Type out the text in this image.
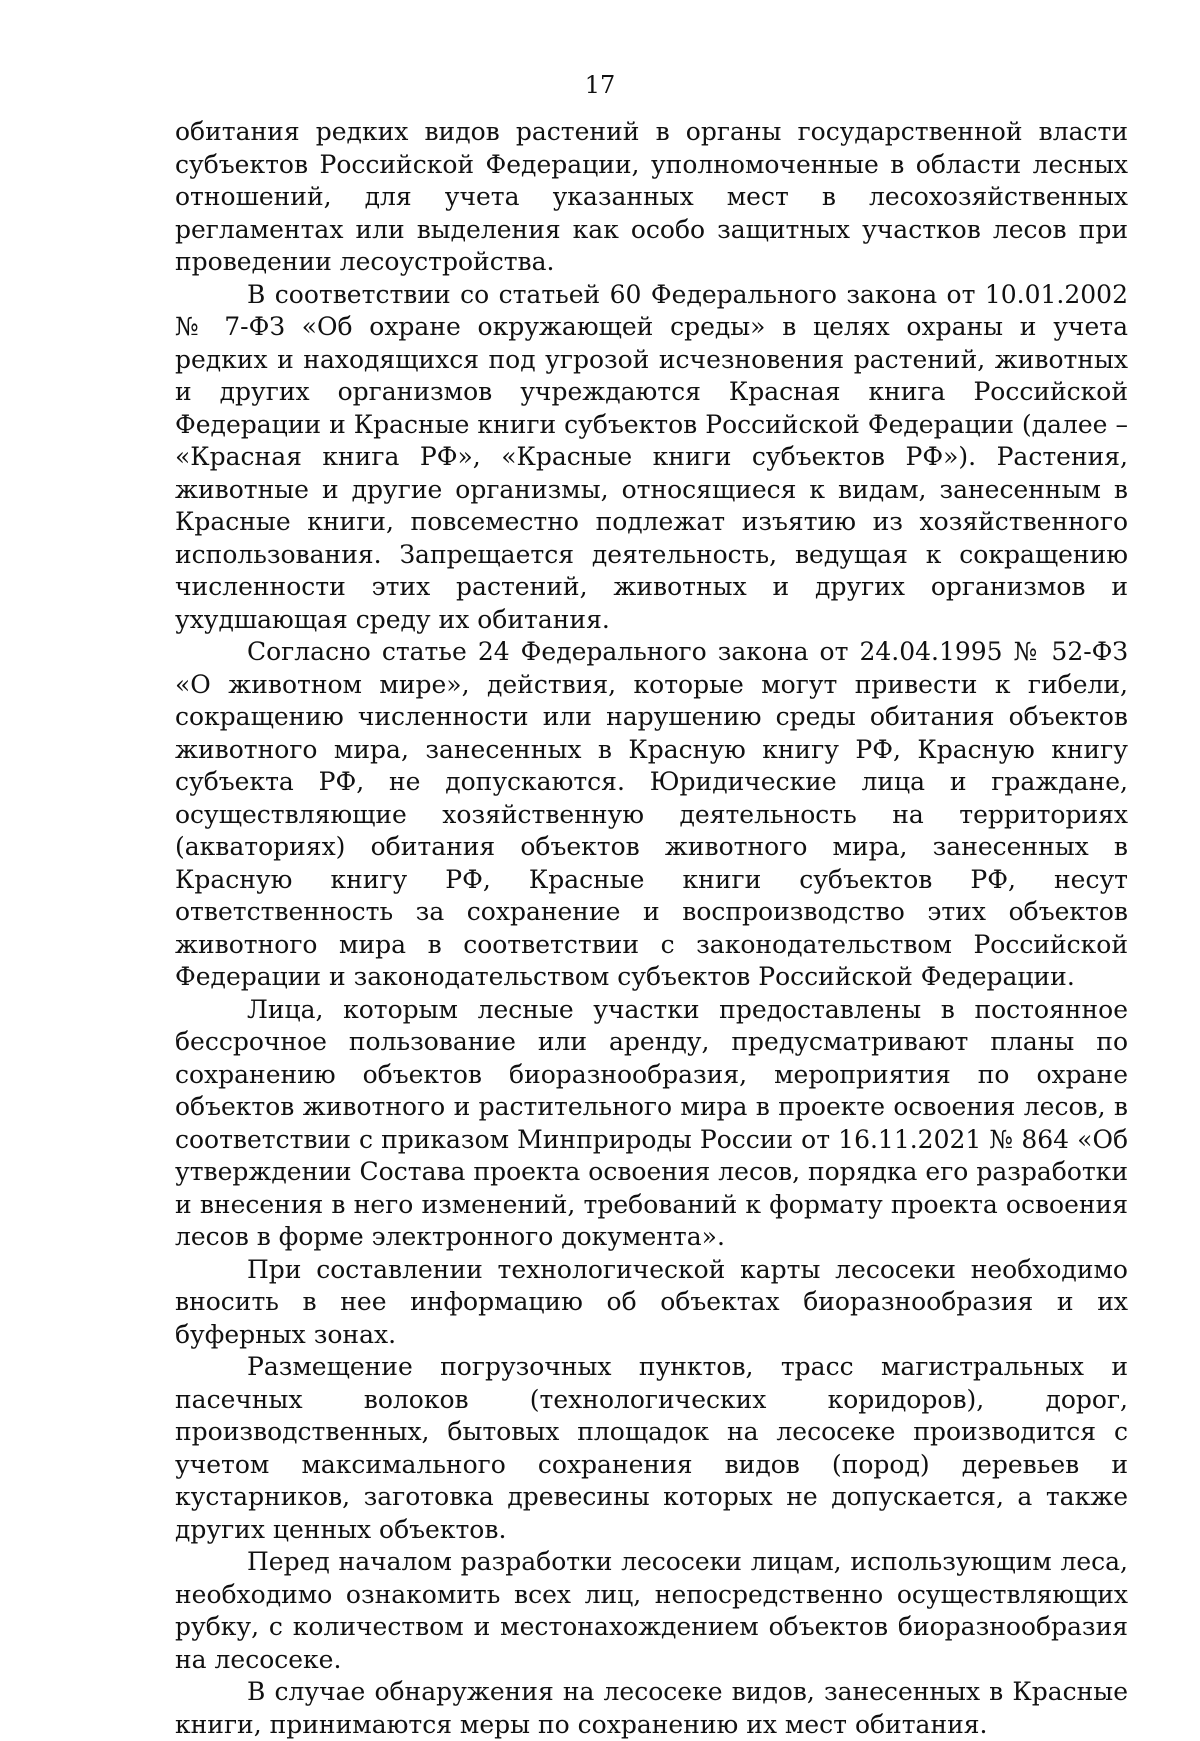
17

обитания редких видов растений в органы государственной власти субъектов Российской Федерации, уполномоченные в области лесных отношений, для учета указанных мест в лесохозяйственных регламентах или выделения как особо защитных участков лесов при проведении лесоустройства.

В соответствии со статьей 60 Федерального закона от 10.01.2002 № 7-ФЗ «Об охране окружающей среды» в целях охраны и учета редких и находящихся под угрозой исчезновения растений, животных и других организмов учреждаются Красная книга Российской Федерации и Красные книги субъектов Российской Федерации (далее – «Красная книга РФ», «Красные книги субъектов РФ»). Растения, животные и другие организмы, относящиеся к видам, занесенным в Красные книги, повсеместно подлежат изъятию из хозяйственного использования. Запрещается деятельность, ведущая к сокращению численности этих растений, животных и других организмов и ухудшающая среду их обитания.

Согласно статье 24 Федерального закона от 24.04.1995 № 52-ФЗ «О животном мире», действия, которые могут привести к гибели, сокращению численности или нарушению среды обитания объектов животного мира, занесенных в Красную книгу РФ, Красную книгу субъекта РФ, не допускаются. Юридические лица и граждане, осуществляющие хозяйственную деятельность на территориях (акваториях) обитания объектов животного мира, занесенных в Красную книгу РФ, Красные книги субъектов РФ, несут ответственность за сохранение и воспроизводство этих объектов животного мира в соответствии с законодательством Российской Федерации и законодательством субъектов Российской Федерации.

Лица, которым лесные участки предоставлены в постоянное бессрочное пользование или аренду, предусматривают планы по сохранению объектов биоразнообразия, мероприятия по охране объектов животного и растительного мира в проекте освоения лесов, в соответствии с приказом Минприроды России от 16.11.2021 № 864 «Об утверждении Состава проекта освоения лесов, порядка его разработки и внесения в него изменений, требований к формату проекта освоения лесов в форме электронного документа».

При составлении технологической карты лесосеки необходимо вносить в нее информацию об объектах биоразнообразия и их буферных зонах.

Размещение погрузочных пунктов, трасс магистральных и пасечных волоков (технологических коридоров), дорог, производственных, бытовых площадок на лесосеке производится с учетом максимального сохранения видов (пород) деревьев и кустарников, заготовка древесины которых не допускается, а также других ценных объектов.

Перед началом разработки лесосеки лицам, использующим леса, необходимо ознакомить всех лиц, непосредственно осуществляющих рубку, с количеством и местонахождением объектов биоразнообразия на лесосеке.

В случае обнаружения на лесосеке видов, занесенных в Красные книги, принимаются меры по сохранению их мест обитания.
